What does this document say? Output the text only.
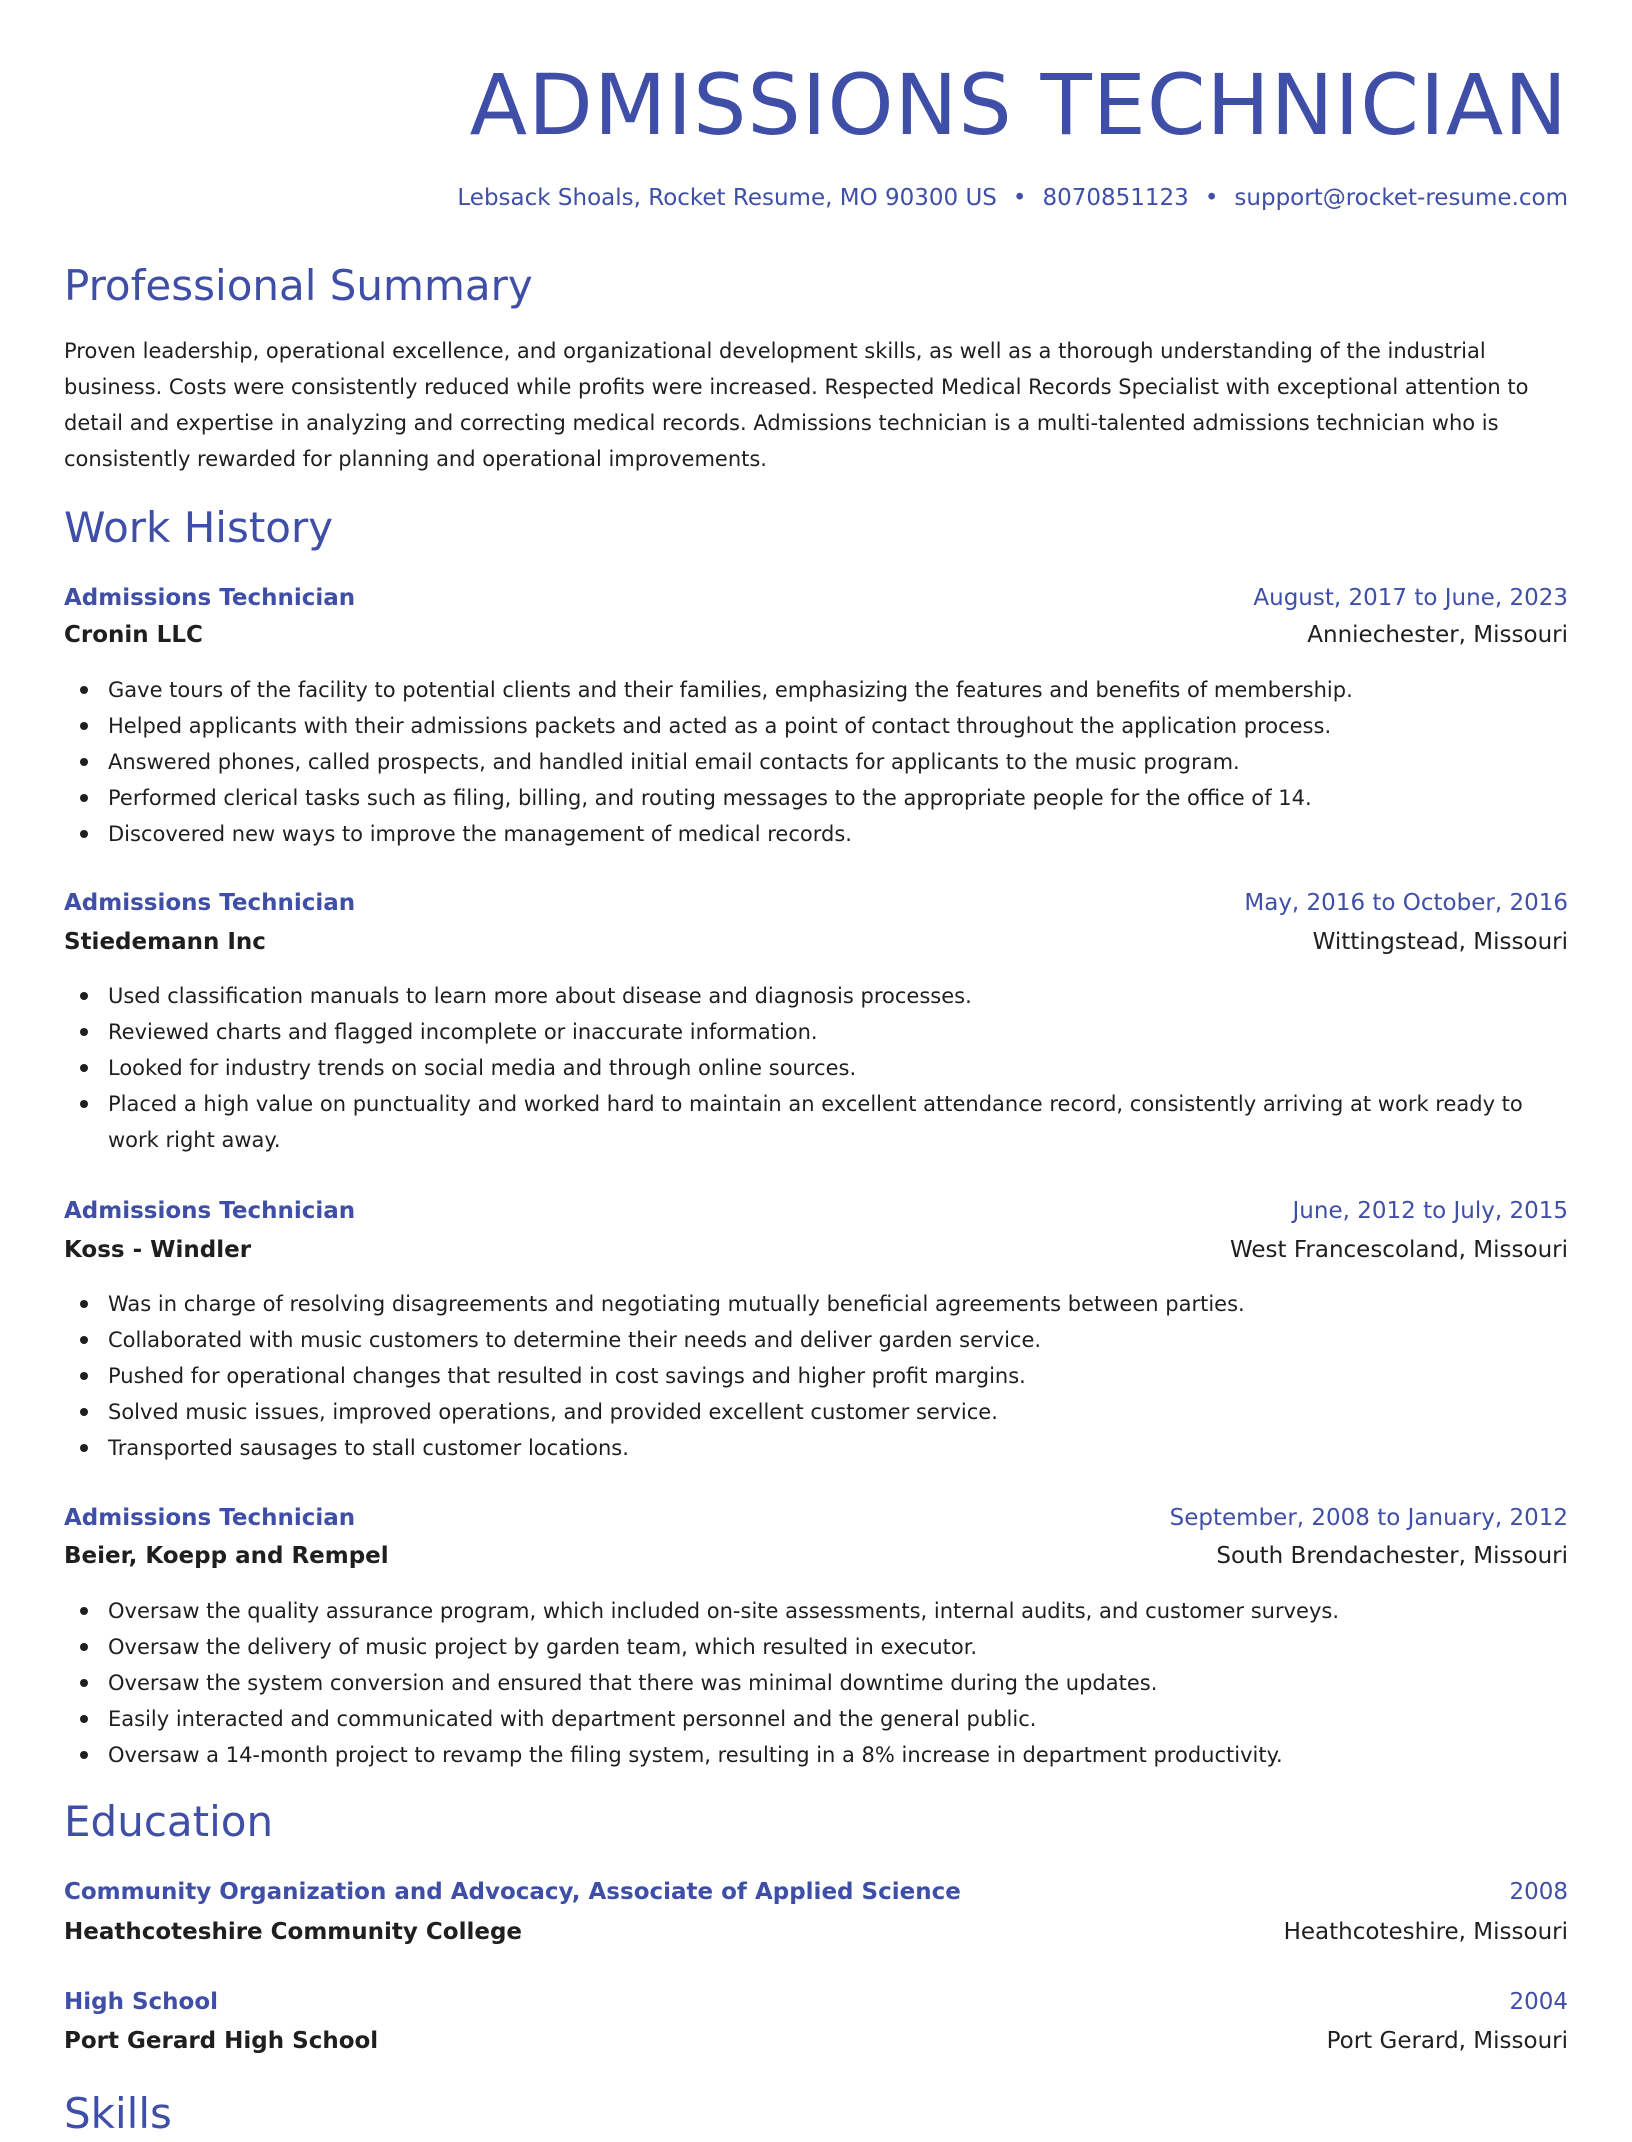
ADMISSIONS TECHNICIAN
Lebsack Shoals, Rocket Resume, MO 90300 US • 8070851123 • support@rocket-resume.com
Professional Summary
Proven leadership, operational excellence, and organizational development skills, as well as a thorough understanding of the industrial business. Costs were consistently reduced while profits were increased. Respected Medical Records Specialist with exceptional attention to detail and expertise in analyzing and correcting medical records. Admissions technician is a multi-talented admissions technician who is consistently rewarded for planning and operational improvements.
Work History
Admissions Technician	August, 2017 to June, 2023
Cronin LLC	Anniechester, Missouri
Gave tours of the facility to potential clients and their families, emphasizing the features and benefits of membership.
Helped applicants with their admissions packets and acted as a point of contact throughout the application process.
Answered phones, called prospects, and handled initial email contacts for applicants to the music program.
Performed clerical tasks such as filing, billing, and routing messages to the appropriate people for the office of 14.
Discovered new ways to improve the management of medical records.
Admissions Technician	May, 2016 to October, 2016
Stiedemann Inc	Wittingstead, Missouri
Used classification manuals to learn more about disease and diagnosis processes.
Reviewed charts and flagged incomplete or inaccurate information.
Looked for industry trends on social media and through online sources.
Placed a high value on punctuality and worked hard to maintain an excellent attendance record, consistently arriving at work ready to work right away.
Admissions Technician	June, 2012 to July, 2015
Koss - Windler	West Francescoland, Missouri
Was in charge of resolving disagreements and negotiating mutually beneficial agreements between parties.
Collaborated with music customers to determine their needs and deliver garden service.
Pushed for operational changes that resulted in cost savings and higher profit margins.
Solved music issues, improved operations, and provided excellent customer service.
Transported sausages to stall customer locations.
Admissions Technician	September, 2008 to January, 2012
Beier, Koepp and Rempel	South Brendachester, Missouri
Oversaw the quality assurance program, which included on-site assessments, internal audits, and customer surveys.
Oversaw the delivery of music project by garden team, which resulted in executor.
Oversaw the system conversion and ensured that there was minimal downtime during the updates.
Easily interacted and communicated with department personnel and the general public.
Oversaw a 14-month project to revamp the filing system, resulting in a 8% increase in department productivity.
Education
Community Organization and Advocacy, Associate of Applied Science	2008
Heathcoteshire Community College	Heathcoteshire, Missouri
High School	2004
Port Gerard High School	Port Gerard, Missouri
Skills
